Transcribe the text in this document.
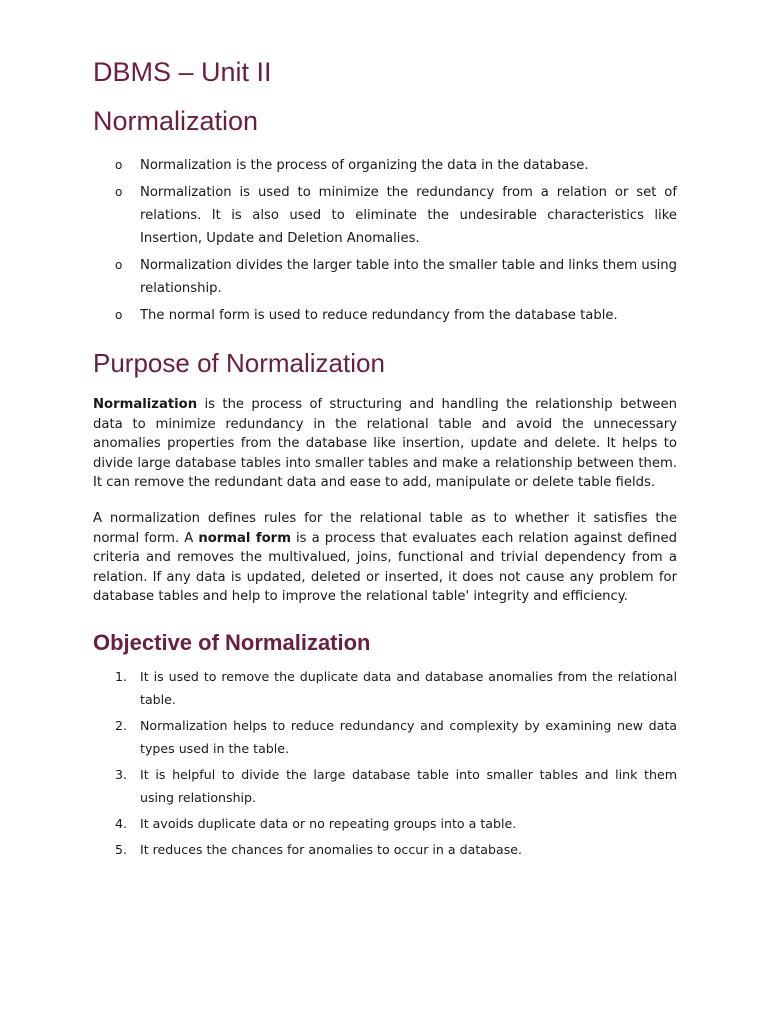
DBMS – Unit II
Normalization
o Normalization is the process of organizing the data in the database.
o Normalization is used to minimize the redundancy from a relation or set of relations. It is also used to eliminate the undesirable characteristics like Insertion, Update and Deletion Anomalies.
o Normalization divides the larger table into the smaller table and links them using relationship.
o The normal form is used to reduce redundancy from the database table.
Purpose of Normalization

Normalization is the process of structuring and handling the relationship between data to minimize redundancy in the relational table and avoid the unnecessary anomalies properties from the database like insertion, update and delete. It helps to divide large database tables into smaller tables and make a relationship between them. It can remove the redundant data and ease to add, manipulate or delete table fields.

A normalization defines rules for the relational table as to whether it satisfies the normal form. A normal form is a process that evaluates each relation against defined criteria and removes the multivalued, joins, functional and trivial dependency from a relation. If any data is updated, deleted or inserted, it does not cause any problem for database tables and help to improve the relational table' integrity and efficiency.

Objective of Normalization
1. It is used to remove the duplicate data and database anomalies from the relational table.
2. Normalization helps to reduce redundancy and complexity by examining new data types used in the table.
3. It is helpful to divide the large database table into smaller tables and link them using relationship.
4. It avoids duplicate data or no repeating groups into a table.
5. It reduces the chances for anomalies to occur in a database.
